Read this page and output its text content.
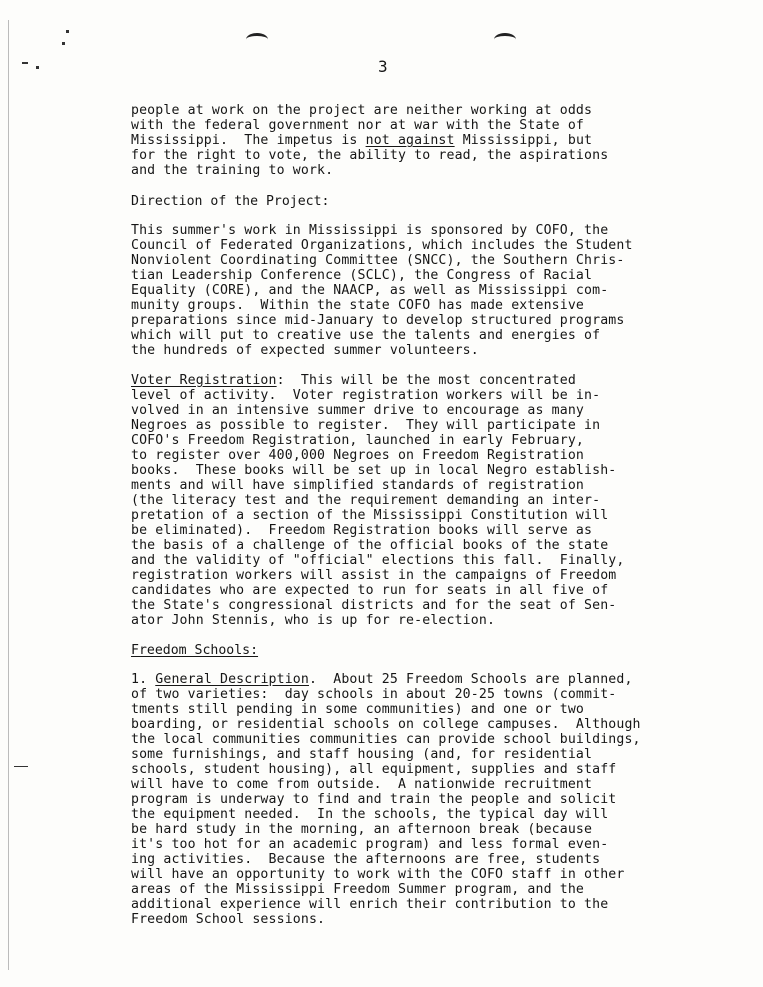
3
people at work on the project are neither working at odds
with the federal government nor at war with the State of
Mississippi.  The impetus is not against Mississippi, but
for the right to vote, the ability to read, the aspirations
and the training to work.
Direction of the Project:
This summer's work in Mississippi is sponsored by COFO, the
Council of Federated Organizations, which includes the Student
Nonviolent Coordinating Committee (SNCC), the Southern Chris-
tian Leadership Conference (SCLC), the Congress of Racial
Equality (CORE), and the NAACP, as well as Mississippi com-
munity groups.  Within the state COFO has made extensive
preparations since mid-January to develop structured programs
which will put to creative use the talents and energies of
the hundreds of expected summer volunteers.
Voter Registration:  This will be the most concentrated
level of activity.  Voter registration workers will be in-
volved in an intensive summer drive to encourage as many
Negroes as possible to register.  They will participate in
COFO's Freedom Registration, launched in early February,
to register over 400,000 Negroes on Freedom Registration
books.  These books will be set up in local Negro establish-
ments and will have simplified standards of registration
(the literacy test and the requirement demanding an inter-
pretation of a section of the Mississippi Constitution will
be eliminated).  Freedom Registration books will serve as
the basis of a challenge of the official books of the state
and the validity of "official" elections this fall.  Finally,
registration workers will assist in the campaigns of Freedom
candidates who are expected to run for seats in all five of
the State's congressional districts and for the seat of Sen-
ator John Stennis, who is up for re-election.
Freedom Schools:
1. General Description.  About 25 Freedom Schools are planned,
of two varieties:  day schools in about 20-25 towns (commit-
tments still pending in some communities) and one or two
boarding, or residential schools on college campuses.  Although
the local communities communities can provide school buildings,
some furnishings, and staff housing (and, for residential
schools, student housing), all equipment, supplies and staff
will have to come from outside.  A nationwide recruitment
program is underway to find and train the people and solicit
the equipment needed.  In the schools, the typical day will
be hard study in the morning, an afternoon break (because
it's too hot for an academic program) and less formal even-
ing activities.  Because the afternoons are free, students
will have an opportunity to work with the COFO staff in other
areas of the Mississippi Freedom Summer program, and the
additional experience will enrich their contribution to the
Freedom School sessions.
